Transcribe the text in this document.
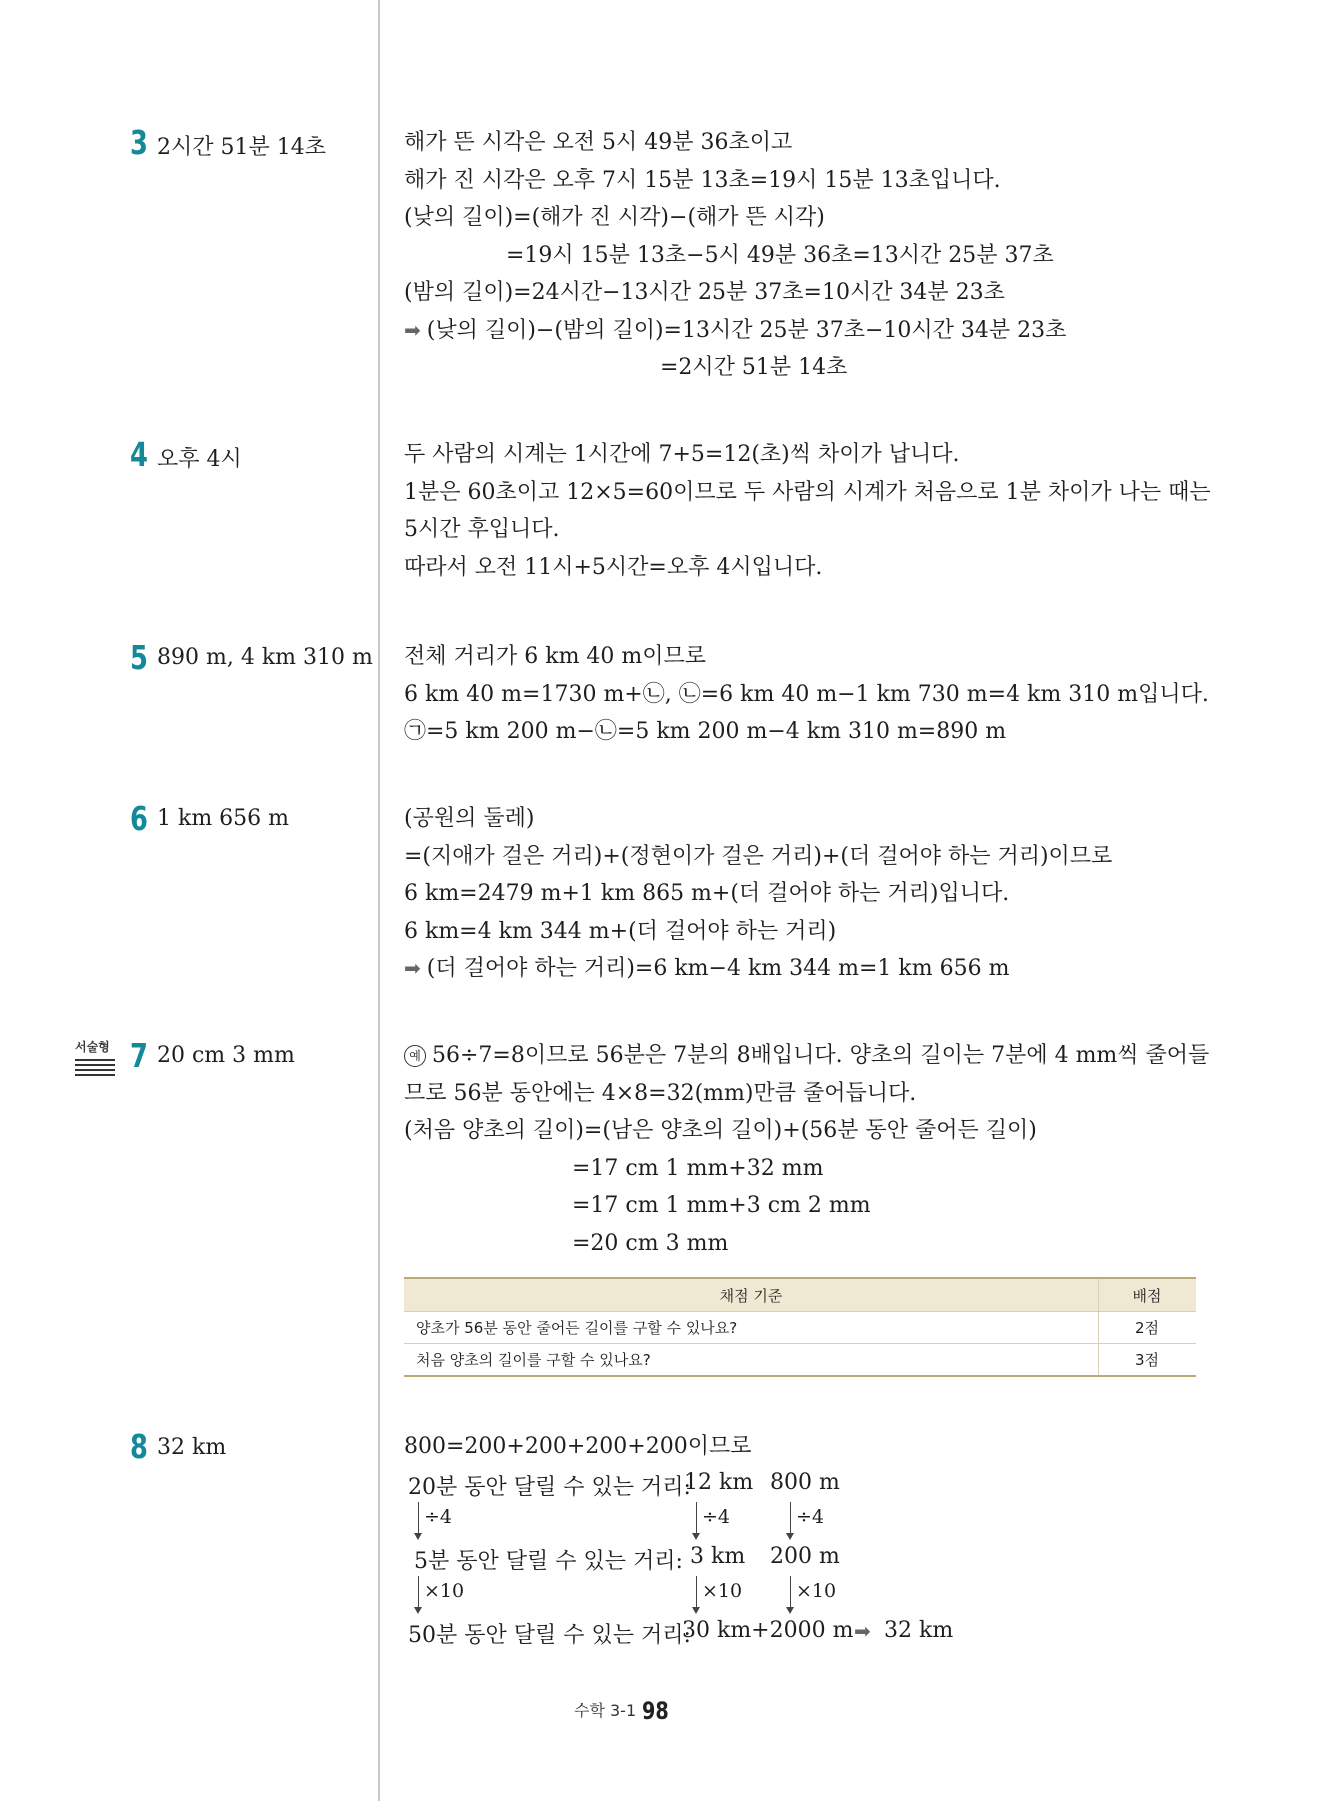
3 2시간 51분 14초	해가 뜬 시각은 오전 5시 49분 36초이고
해가 진 시각은 오후 7시 15분 13초=19시 15분 13초입니다.
(낮의 길이)=(해가 진 시각)−(해가 뜬 시각)
=19시 15분 13초−5시 49분 36초=13시간 25분 37초
(밤의 길이)=24시간−13시간 25분 37초=10시간 34분 23초
➡ (낮의 길이)−(밤의 길이)=13시간 25분 37초−10시간 34분 23초
=2시간 51분 14초
4 오후 4시	두 사람의 시계는 1시간에 7+5=12(초)씩 차이가 납니다.
1분은 60초이고 12×5=60이므로 두 사람의 시계가 처음으로 1분 차이가 나는 때는
5시간 후입니다.
따라서 오전 11시+5시간=오후 4시입니다.
5 890 m, 4 km 310 m 전체 거리가 6 km 40 m이므로
6 km 40 m=1730 m+㉡, ㉡=6 km 40 m−1 km 730 m=4 km 310 m입니다.
㉠=5 km 200 m−㉡=5 km 200 m−4 km 310 m=890 m
6 1 km 656 m	(공원의 둘레)
=(지애가 걸은 거리)+(정현이가 걸은 거리)+(더 걸어야 하는 거리)이므로
6 km=2479 m+1 km 865 m+(더 걸어야 하는 거리)입니다.
6 km=4 km 344 m+(더 걸어야 하는 거리)
➡ (더 걸어야 하는 거리)=6 km−4 km 344 m=1 km 656 m
서술형 7 20 cm 3 mm	예 56÷7=8이므로 56분은 7분의 8배입니다. 양초의 길이는 7분에 4 mm씩 줄어들
므로 56분 동안에는 4×8=32(mm)만큼 줄어듭니다.
(처음 양초의 길이)=(남은 양초의 길이)+(56분 동안 줄어든 길이)
=17 cm 1 mm+32 mm
=17 cm 1 mm+3 cm 2 mm
=20 cm 3 mm
채점 기준	배점
양초가 56분 동안 줄어든 길이를 구할 수 있나요?	2점
처음 양초의 길이를 구할 수 있나요?	3점
8 32 km	800=200+200+200+200이므로
20분 동안 달릴 수 있는 거리:
12 km 800 m
÷4	÷4	÷4
5분 동안 달릴 수 있는 거리: 3 km 200 m
×10	×10	×10
50분 동안 달릴 수 있는 거리:
30 km+2000 m ➡ 32 km
수학 3-1 98
